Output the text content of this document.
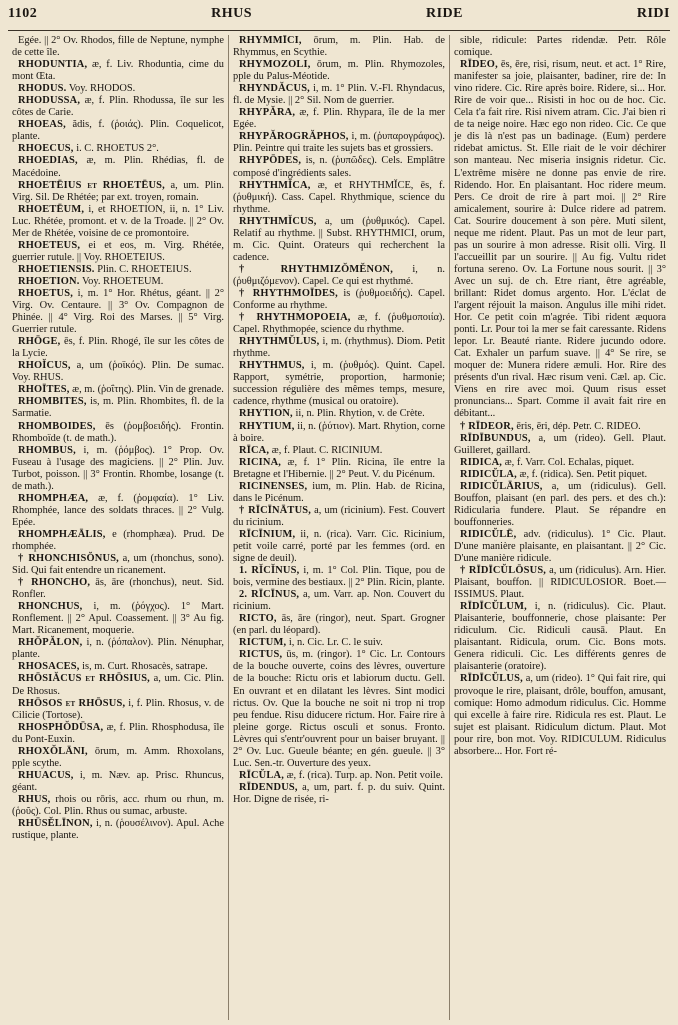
1102	RHUS	RIDE	RIDI

Egée. || 2° Ov. Rhodos, fille de Neptune, nymphe de cette île.

RHODUNTIA, æ, f. Liv. Rhoduntia, cime du mont Œta.

RHODUS. Voy. RHODOS.

RHODUSSA, æ, f. Plin. Rhodussa, île sur les côtes de Carie.

RHOEAS, ădis, f. (ῥοιάς). Plin. Coquelicot, plante.

RHOECUS, i. C. RHOETUS 2°.

RHOEDIAS, æ, m. Plin. Rhédias, fl. de Macédoine.

RHOETĒIUS et RHOETĒUS, a, um. Plin. Virg. Sil. De Rhétée; par ext. troyen, romain.

RHOETĒUM, i, et RHOETION, ii, n. 1° Liv. Luc. Rhétée, promont. et v. de la Troade. || 2° Ov. Mer de Rhétée, voisine de ce promontoire.

RHOETEUS, ei et eos, m. Virg. Rhétée, guerrier rutule. || Voy. RHOETEIUS.

RHOETIENSIS. Plin. C. RHOETEIUS.

RHOETION. Voy. RHOETEUM.

RHOETUS, i, m. 1° Hor. Rhétus, géant. || 2° Virg. Ov. Centaure. || 3° Ov. Compagnon de Phinée. || 4° Virg. Roi des Marses. || 5° Virg. Guerrier rutule.

RHŌGE, ēs, f. Plin. Rhogé, île sur les côtes de la Lycie.

RHOĬCUS, a, um (ῥοϊκός). Plin. De sumac. Voy. RHUS.

RHOĪTES, æ, m. (ῥοΐτης). Plin. Vin de grenade.

RHOMBITES, is, m. Plin. Rhombites, fl. de la Sarmatie.

RHOMBOIDES, ēs (ῥομβοειδής). Frontin. Rhomboïde (t. de math.).

RHOMBUS, i, m. (ῥόμβος). 1° Prop. Ov. Fuseau à l'usage des magiciens. || 2° Plin. Juv. Turbot, poisson. || 3° Frontin. Rhombe, losange (t. de math.).

RHOMPHÆA, æ, f. (ῥομφαία). 1° Liv. Rhomphée, lance des soldats thraces. || 2° Vulg. Epée.

RHOMPHÆĀLIS, e (rhomphæa). Prud. De rhomphée.

† RHONCHISŎNUS, a, um (rhonchus, sono). Sid. Qui fait entendre un ricanement.

† RHONCHO, ās, āre (rhonchus), neut. Sid. Ronfler.

RHONCHUS, i, m. (ῥόγχος). 1° Mart. Ronflement. || 2° Apul. Coassement. || 3° Au fig. Mart. Ricanement, moquerie.

RHŎPĂLON, i, n. (ῥόπαλον). Plin. Nénuphar, plante.

RHOSACES, is, m. Curt. Rhosacès, satrape.

RHŌSIĂCUS et RHŌSIUS, a, um. Cic. Plin. De Rhosus.

RHŌSOS et RHŌSUS, i, f. Plin. Rhosus, v. de Cilicie (Tortose).

RHOSPHŎDŪSA, æ, f. Plin. Rhosphodusa, île du Pont-Euxin.

RHOXŎLĀNI, ōrum, m. Amm. Rhoxolans, pple scythe.

RHUACUS, i, m. Næv. ap. Prisc. Rhuncus, géant.

RHUS, rhois ou rōris, acc. rhum ou rhun, m. (ῥοῦς). Col. Plin. Rhus ou sumac, arbuste.

RHŪSĔLĪNON, i, n. (ῥουσέλινον). Apul. Ache rustique, plante.

RHYMMĪCI, ōrum, m. Plin. Hab. de Rhymmus, en Scythie.

RHYMOZOLI, ōrum, m. Plin. Rhymozoles, pple du Palus-Méotide.

RHYNDĂCUS, i, m. 1° Plin. V.-Fl. Rhyndacus, fl. de Mysie. || 2° Sil. Nom de guerrier.

RHYPĂRA, æ, f. Plin. Rhypara, île de la mer Egée.

RHYPĂROGRĂPHOS, i, m. (ῥυπαρογράφος). Plin. Peintre qui traite les sujets bas et grossiers.

RHYPŌDES, is, n. (ῥυπῶδες). Cels. Emplâtre composé d'ingrédients sales.

RHYTHMĬCA, æ, et RHYTHMĬCE, ēs, f. (ῥυθμική). Cass. Capel. Rhythmique, science du rhythme.

RHYTHMĬCUS, a, um (ῥυθμικός). Capel. Relatif au rhythme. || Subst. RHYTHMICI, orum, m. Cic. Quint. Orateurs qui recherchent la cadence.

† RHYTHMIZŎMĔNON, i, n. (ῥυθμιζόμενον). Capel. Ce qui est rhythmé.

† RHYTHMOĪDES, is (ῥυθμοειδής). Capel. Conforme au rhythme.

† RHYTHMOPOEIA, æ, f. (ῥυθμοποιία). Capel. Rhythmopée, science du rhythme.

RHYTHMŬLUS, i, m. (rhythmus). Diom. Petit rhythme.

RHYTHMUS, i, m. (ῥυθμός). Quint. Capel. Rapport, symétrie, proportion, harmonie; succession régulière des mêmes temps, mesure, cadence, rhythme (musical ou oratoire).

RHYTION, ii, n. Plin. Rhytion, v. de Crète.

RHYTIUM, ii, n. (ῥύτιον). Mart. Rhytion, corne à boire.

RĪCA, æ, f. Plaut. C. RICINIUM.

RICINA, æ, f. 1° Plin. Ricina, île entre la Bretagne et l'Hibernie. || 2° Peut. V. du Picénum.

RICINENSES, ium, m. Plin. Hab. de Ricina, dans le Picénum.

† RĪCĪNĀTUS, a, um (ricinium). Fest. Couvert du ricinium.

RĪCĪNIUM, ii, n. (rica). Varr. Cic. Ricinium, petit voile carré, porté par les femmes (ord. en signe de deuil).

1. RĬCĬNUS, i, m. 1° Col. Plin. Tique, pou de bois, vermine des bestiaux. || 2° Plin. Ricin, plante.

2. RĪCĪNUS, a, um. Varr. ap. Non. Couvert du ricinium.

RICTO, ās, āre (ringor), neut. Spart. Grogner (en parl. du léopard).

RICTUM, i, n. Cic. Lr. C. le suiv.

RICTUS, ūs, m. (ringor). 1° Cic. Lr. Contours de la bouche ouverte, coins des lèvres, ouverture de la bouche: Rictu oris et labiorum ductu. Gell. En ouvrant et en dilatant les lèvres. Sint modici rictus. Ov. Que la bouche ne soit ni trop ni trop peu fendue. Risu diducere rictum. Hor. Faire rire à pleine gorge. Rictus osculi et sonus. Fronto. Lèvres qui s'entr'ouvrent pour un baiser bruyant. || 2° Ov. Luc. Gueule béante; en gén. gueule. || 3° Luc. Sen.-tr. Ouverture des yeux.

RĪCŬLA, æ, f. (rica). Turp. ap. Non. Petit voile.

RĪDENDUS, a, um, part. f. p. du suiv. Quint. Hor. Digne de risée, ri-

sible, ridicule: Partes ridendæ. Petr. Rôle comique.

RĪDEO, ēs, ēre, risi, risum, neut. et act. 1° Rire, manifester sa joie, plaisanter, badiner, rire de: In vino ridere. Cic. Rire après boire. Ridere, si... Hor. Rire de voir que... Risisti in hoc ou de hoc. Cic. Cela t'a fait rire. Risi nivem atram. Cic. J'ai bien ri de ta neige noire. Hæc ego non rideo. Cic. Ce que je dis là n'est pas un badinage. (Eum) perdere ridebat amictus. St. Elle riait de le voir déchirer son manteau. Nec miseria insignis ridetur. Cic. L'extrême misère ne donne pas envie de rire. Ridendo. Hor. En plaisantant. Hoc ridere meum. Pers. Ce droit de rire à part moi. || 2° Rire amicalement, sourire à: Dulce ridere ad patrem. Cat. Sourire doucement à son père. Muti silent, neque me rident. Plaut. Pas un mot de leur part, pas un sourire à mon adresse. Risit olli. Virg. Il l'accueillit par un sourire. || Au fig. Vultu ridet fortuna sereno. Ov. La Fortune nous sourit. || 3° Avec un suj. de ch. Etre riant, être agréable, brillant: Ridet domus argento. Hor. L'éclat de l'argent réjouit la maison. Angulus ille mihi ridet. Hor. Ce petit coin m'agrée. Tibi rident æquora ponti. Lr. Pour toi la mer se fait caressante. Ridens lepor. Lr. Beauté riante. Ridere jucundo odore. Cat. Exhaler un parfum suave. || 4° Se rire, se moquer de: Munera ridere æmuli. Hor. Rire des présents d'un rival. Hæc risum veni. Cæl. ap. Cic. Viens en rire avec moi. Quum risus esset pronuncians... Spart. Comme il avait fait rire en débitant...

† RĪDEOR, ēris, ēri, dép. Petr. C. RIDEO.

RĪDĪBUNDUS, a, um (rideo). Gell. Plaut. Guilleret, gaillard.

RIDICA, æ, f. Varr. Col. Echalas, piquet.

RIDICŬLA, æ, f. (ridica). Sen. Petit piquet.

RIDICŬLĀRIUS, a, um (ridiculus). Gell. Bouffon, plaisant (en parl. des pers. et des ch.): Ridicularia fundere. Plaut. Se répandre en bouffonneries.

RIDICŬLĒ, adv. (ridiculus). 1° Cic. Plaut. D'une manière plaisante, en plaisantant. || 2° Cic. D'une manière ridicule.

† RĪDĪCŬLŌSUS, a, um (ridiculus). Arn. Hier. Plaisant, bouffon. || RIDICULOSIOR. Boet.— ISSIMUS. Plaut.

RĪDĪCŬLUM, i, n. (ridiculus). Cic. Plaut. Plaisanterie, bouffonnerie, chose plaisante: Per ridiculum. Cic. Ridiculi causā. Plaut. En plaisantant. Ridicula, orum. Cic. Bons mots. Genera ridiculi. Cic. Les différents genres de plaisanterie (oratoire).

RĪDĪCŬLUS, a, um (rideo). 1° Qui fait rire, qui provoque le rire, plaisant, drôle, bouffon, amusant, comique: Homo admodum ridiculus. Cic. Homme qui excelle à faire rire. Ridicula res est. Plaut. Le sujet est plaisant. Ridiculum dictum. Plaut. Mot pour rire, bon mot. Voy. RIDICULUM. Ridiculus absorbere... Hor. Fort ré-
